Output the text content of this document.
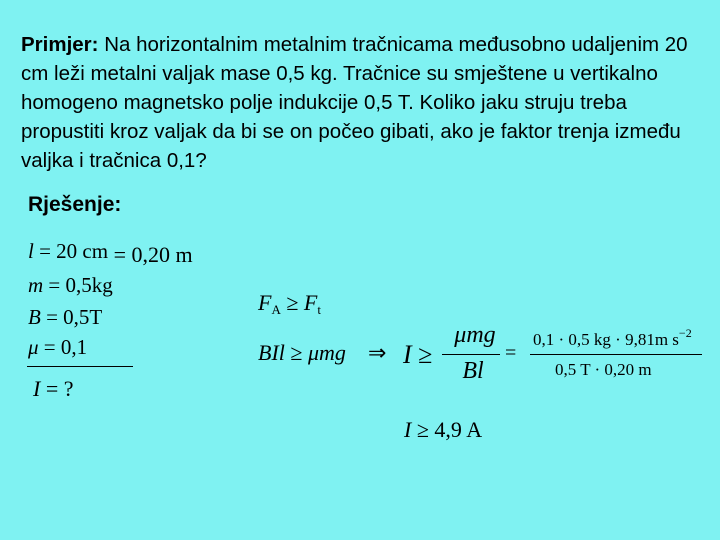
Primjer: Na horizontalnim metalnim tračnicama međusobno udaljenim 20 cm leži metalni valjak mase 0,5 kg. Tračnice su smještene u vertikalno homogeno magnetsko polje indukcije 0,5 T. Koliko jaku struju treba propustiti kroz valjak da bi se on počeo gibati, ako je faktor trenja između valjka i tračnica 0,1?
Rješenje:
l = 20 cm = 0,20 m
m = 0,5kg
B = 0,5T
μ = 0,1
I = ?
$F_A \ge F_t$
BIl ≥ μmg ⇒ I ≥
μmg
Bl
=
0,1 · 0,5 kg · 9,81m $s^{-2}$
0,5 T · 0,20 m
I ≥ 4,9 A
